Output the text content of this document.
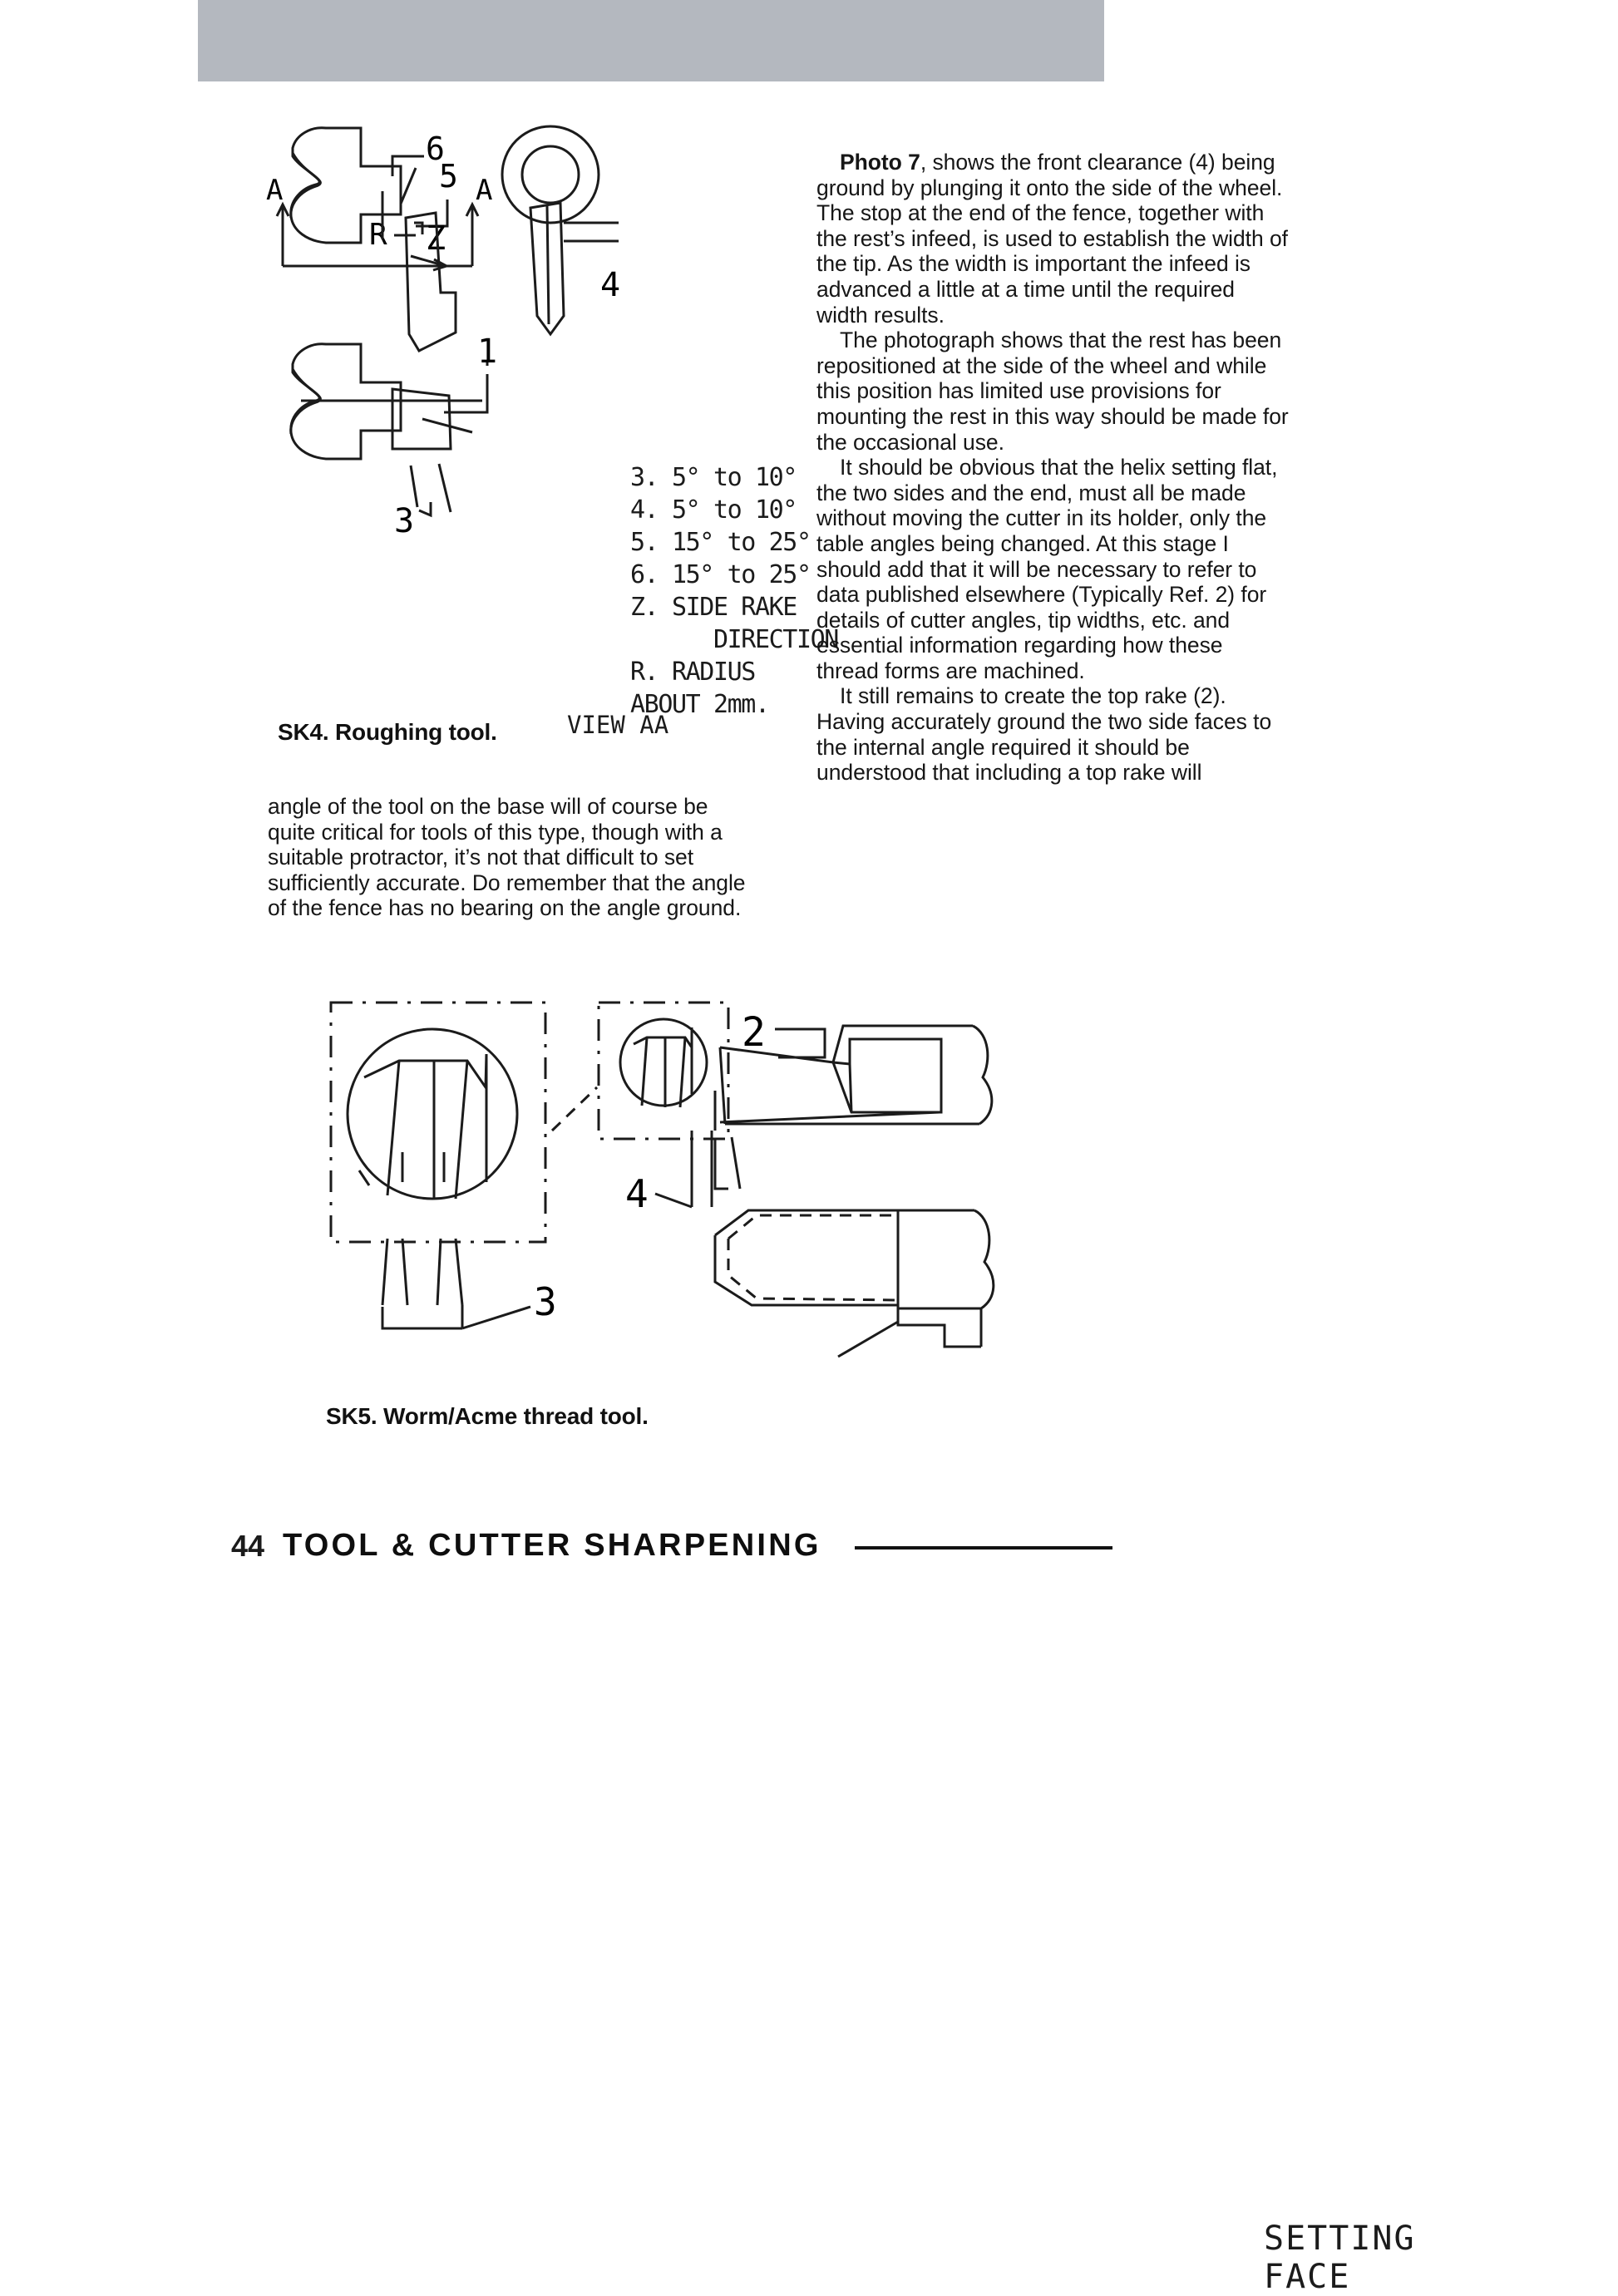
A	A
6
5
R Z
4
1
3
VIEW AA
3. 5° to 10°
4. 5° to 10°
5. 15° to 25°
6. 15° to 25°
Z. SIDE RAKE
DIRECTION
R. RADIUS
ABOUT 2mm.
SK4. Roughing tool.

angle of the tool on the base will of course be quite critical for tools of this type, though with a suitable protractor, it’s not that difficult to set sufficiently accurate. Do remember that the angle of the fence has no bearing on the angle ground.

Photo 7, shows the front clearance (4) being ground by plunging it onto the side of the wheel. The stop at the end of the fence, together with the rest’s infeed, is used to establish the width of the tip. As the width is important the infeed is advanced a little at a time until the required width results.

The photograph shows that the rest has been repositioned at the side of the wheel and while this position has limited use provisions for mounting the rest in this way should be made for the occasional use.

It should be obvious that the helix setting flat, the two sides and the end, must all be made without moving the cutter in its holder, only the table angles being changed. At this stage I should add that it will be necessary to refer to data published elsewhere (Typically Ref. 2) for details of cutter angles, tip widths, etc. and essential information regarding how these thread forms are machined.

It still remains to create the top rake (2). Having accurately ground the two side faces to the internal angle required it should be understood that including a top rake will

3
4
2
SETTING FACE
SK5. Worm/Acme thread tool.
44 TOOL & CUTTER SHARPENING
